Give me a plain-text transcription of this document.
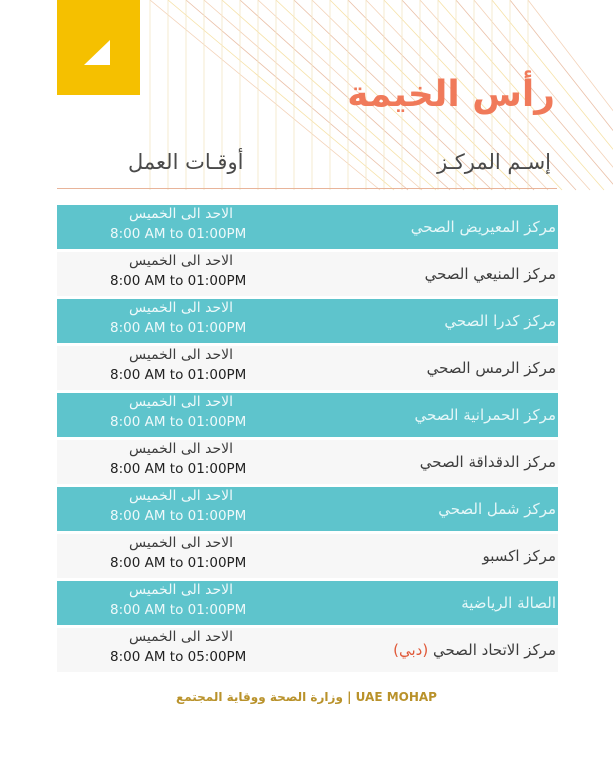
رأس الخيمة
إسـم المركـز
أوقـات العمل
مركز المعيريض الصحي
الاحد الى الخميس
8:00 AM to 01:00PM
مركز المنيعي الصحي
الاحد الى الخميس
8:00 AM to 01:00PM
مركز كدرا الصحي
الاحد الى الخميس
8:00 AM to 01:00PM
مركز الرمس الصحي
الاحد الى الخميس
8:00 AM to 01:00PM
مركز الحمرانية الصحي
الاحد الى الخميس
8:00 AM to 01:00PM
مركز الدقداقة الصحي
الاحد الى الخميس
8:00 AM to 01:00PM
مركز شمل الصحي
الاحد الى الخميس
8:00 AM to 01:00PM
مركز اكسبو
الاحد الى الخميس
8:00 AM to 01:00PM
الصالة الرياضية
الاحد الى الخميس
8:00 AM to 01:00PM
مركز الاتحاد الصحي (دبي)
الاحد الى الخميس
8:00 AM to 05:00PM
وزارة الصحة ووقاية المجتمع | UAE MOHAP
